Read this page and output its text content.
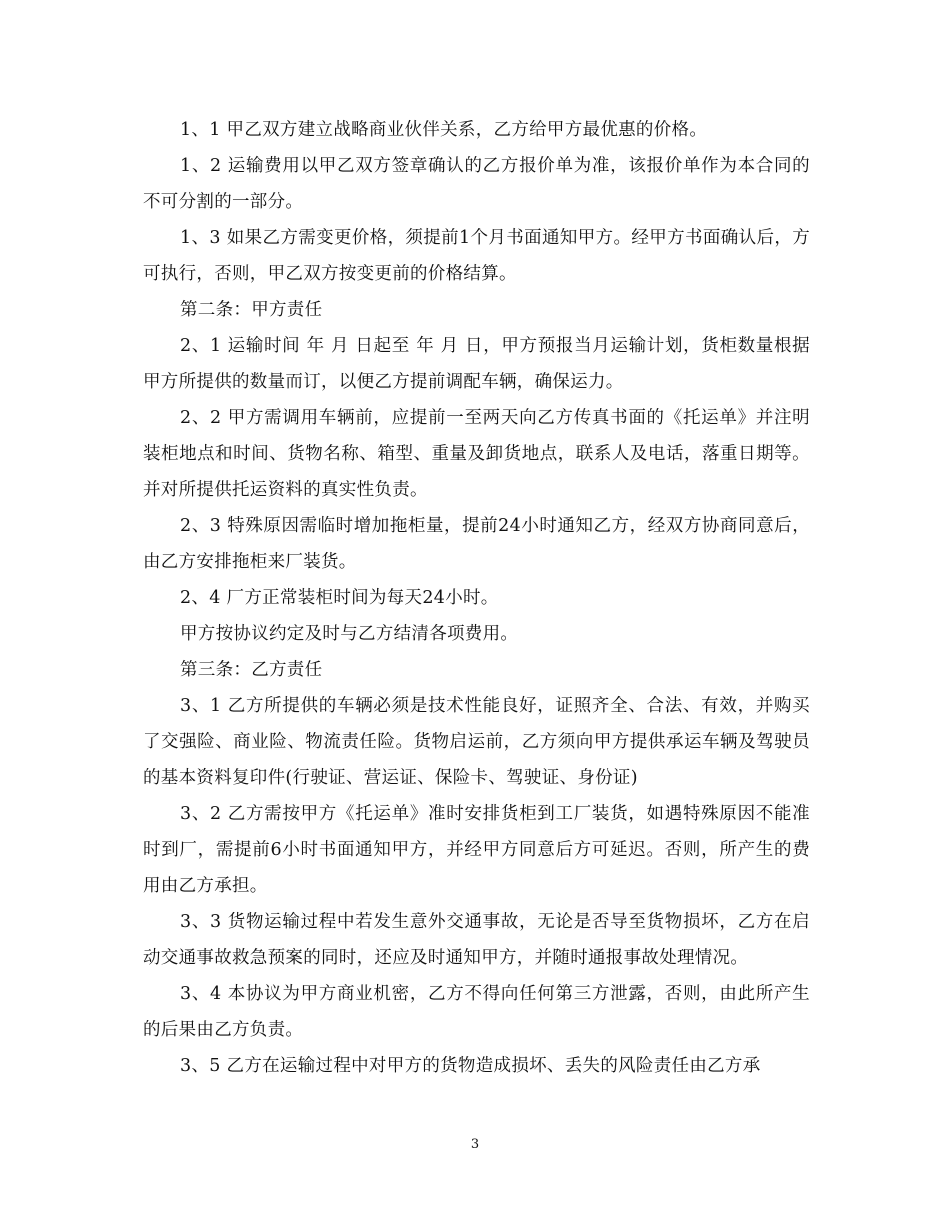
1、1 甲乙双方建立战略商业伙伴关系，乙方给甲方最优惠的价格。

1、2 运输费用以甲乙双方签章确认的乙方报价单为准，该报价单作为本合同的不可分割的一部分。

1、3 如果乙方需变更价格，须提前1个月书面通知甲方。经甲方书面确认后，方可执行，否则，甲乙双方按变更前的价格结算。

第二条：甲方责任

2、1 运输时间 年 月 日起至 年 月 日，甲方预报当月运输计划，货柜数量根据甲方所提供的数量而订，以便乙方提前调配车辆，确保运力。

2、2 甲方需调用车辆前，应提前一至两天向乙方传真书面的《托运单》并注明装柜地点和时间、货物名称、箱型、重量及卸货地点，联系人及电话，落重日期等。并对所提供托运资料的真实性负责。

2、3 特殊原因需临时增加拖柜量，提前24小时通知乙方，经双方协商同意后，由乙方安排拖柜来厂装货。

2、4 厂方正常装柜时间为每天24小时。

甲方按协议约定及时与乙方结清各项费用。

第三条：乙方责任

3、1 乙方所提供的车辆必须是技术性能良好，证照齐全、合法、有效，并购买了交强险、商业险、物流责任险。货物启运前，乙方须向甲方提供承运车辆及驾驶员的基本资料复印件(行驶证、营运证、保险卡、驾驶证、身份证)

3、2 乙方需按甲方《托运单》准时安排货柜到工厂装货，如遇特殊原因不能准时到厂，需提前6小时书面通知甲方，并经甲方同意后方可延迟。否则，所产生的费用由乙方承担。

3、3 货物运输过程中若发生意外交通事故，无论是否导至货物损坏，乙方在启动交通事故救急预案的同时，还应及时通知甲方，并随时通报事故处理情况。

3、4 本协议为甲方商业机密，乙方不得向任何第三方泄露，否则，由此所产生的后果由乙方负责。

3、5 乙方在运输过程中对甲方的货物造成损坏、丢失的风险责任由乙方承

3
